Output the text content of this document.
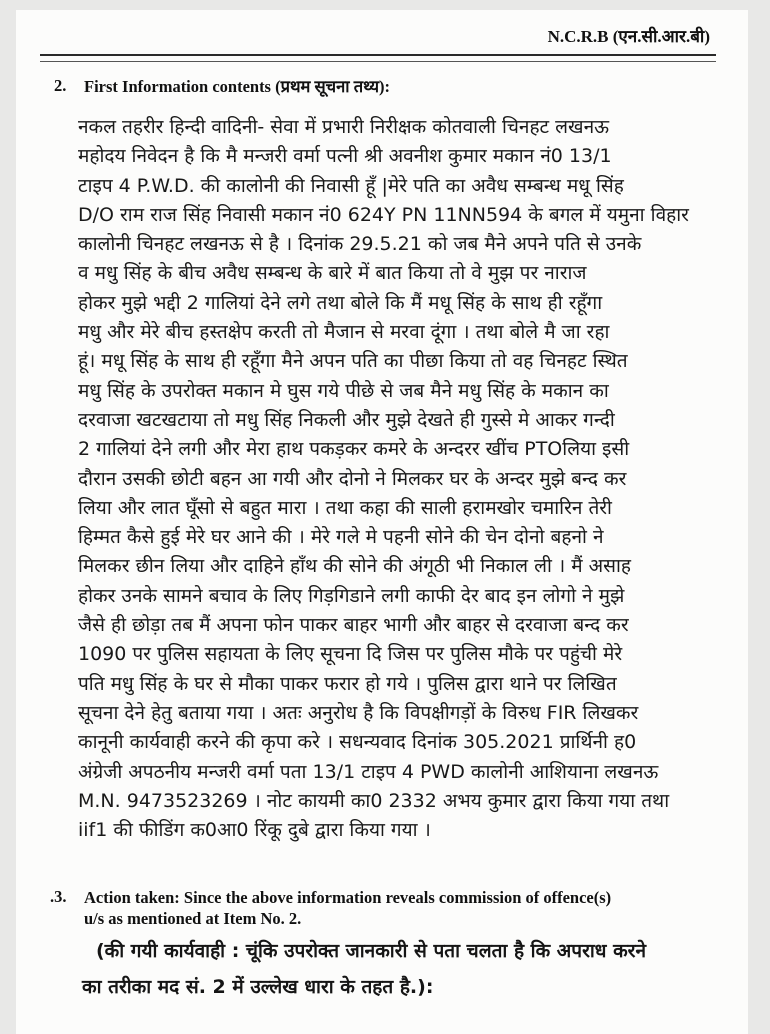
N.C.R.B (एन.सी.आर.बी)
2.	First Information contents (प्रथम सूचना तथ्य):
नकल तहरीर हिन्दी वादिनी- सेवा में प्रभारी निरीक्षक कोतवाली चिनहट लखनऊ
महोदय निवेदन है कि मै मन्जरी वर्मा पत्नी श्री अवनीश कुमार मकान नं0 13/1
टाइप 4 P.W.D. की कालोनी की निवासी हूँ |मेरे पति का अवैध सम्बन्ध मधू सिंह
D/O राम राज सिंह निवासी मकान नं0 624Y PN 11NN594 के बगल में यमुना विहार
कालोनी चिनहट लखनऊ से है । दिनांक 29.5.21 को जब मैने अपने पति से उनके
व मधु सिंह के बीच अवैध सम्बन्ध के बारे में बात किया तो वे मुझ पर नाराज
होकर मुझे भद्दी 2 गालियां देने लगे तथा बोले कि मैं मधू सिंह के साथ ही रहूँगा
मधु और मेरे बीच हस्तक्षेप करती तो मैजान से मरवा दूंगा । तथा बोले मै जा रहा
हूं। मधू सिंह के साथ ही रहूँगा मैने अपन पति का पीछा किया तो वह चिनहट स्थित
मधु सिंह के उपरोक्त मकान मे घुस गये पीछे से जब मैने मधु सिंह के मकान का
दरवाजा खटखटाया तो मधु सिंह निकली और मुझे देखते ही गुस्से मे आकर गन्दी
2 गालियां देने लगी और मेरा हाथ पकड़कर कमरे के अन्दरर खींच PTOलिया इसी
दौरान उसकी छोटी बहन आ गयी और दोनो ने मिलकर घर के अन्दर मुझे बन्द कर
लिया और लात घूँसो से बहुत मारा । तथा कहा की साली हरामखोर चमारिन तेरी
हिम्मत कैसे हुई मेरे घर आने की । मेरे गले मे पहनी सोने की चेन दोनो बहनो ने
मिलकर छीन लिया और दाहिने हाँथ की सोने की अंगूठी भी निकाल ली । मैं असाह
होकर उनके सामने बचाव के लिए गिड़गिडाने लगी काफी देर बाद इन लोगो ने मुझे
जैसे ही छोड़ा तब मैं अपना फोन पाकर बाहर भागी और बाहर से दरवाजा बन्द कर
1090 पर पुलिस सहायता के लिए सूचना दि जिस पर पुलिस मौके पर पहुंची मेरे
पति मधु सिंह के घर से मौका पाकर फरार हो गये । पुलिस द्वारा थाने पर लिखित
सूचना देने हेतु बताया गया । अतः अनुरोध है कि विपक्षीगड़ों के विरुध FIR लिखकर
कानूनी कार्यवाही करने की कृपा करे । सधन्यवाद दिनांक 305.2021 प्रार्थिनी ह0
अंग्रेजी अपठनीय मन्जरी वर्मा पता 13/1 टाइप 4 PWD कालोनी आशियाना लखनऊ
M.N. 9473523269 । नोट कायमी का0 2332 अभय कुमार द्वारा किया गया तथा
iif1 की फीडिंग क0आ0 रिंकू दुबे द्वारा किया गया ।
.3.	Action taken: Since the above information reveals commission of offence(s)
u/s as mentioned at Item No. 2.
(की गयी कार्यवाही : चूंकि उपरोक्त जानकारी से पता चलता है कि अपराध करने
का तरीका मद सं. 2 में उल्लेख धारा के तहत है.):
